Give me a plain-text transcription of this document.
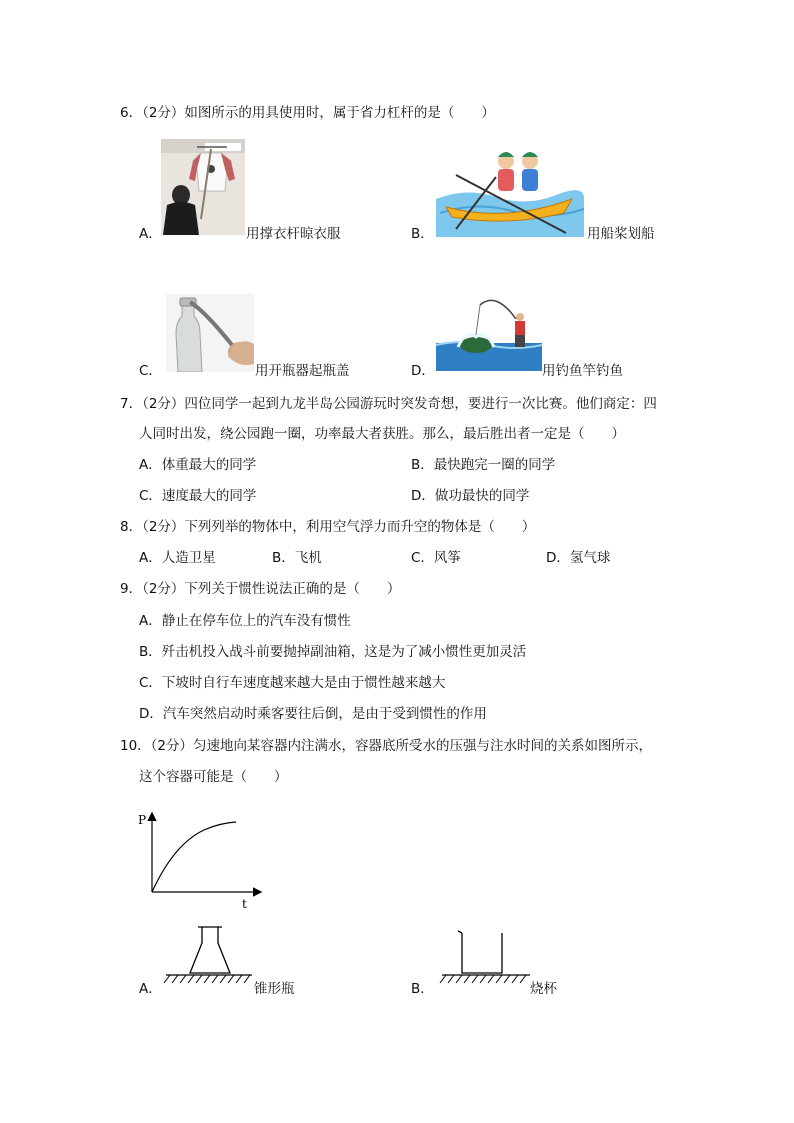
6．（2分）如图所示的用具使用时，属于省力杠杆的是（　　）
A．	用撑衣杆晾衣服	B．	用船桨划船
C．	用开瓶器起瓶盖	D．	用钓鱼竿钓鱼
7．（2分）四位同学一起到九龙半岛公园游玩时突发奇想，要进行一次比赛。他们商定：四
人同时出发，绕公园跑一圈，功率最大者获胜。那么，最后胜出者一定是（　　）
A．体重最大的同学	B．最快跑完一圈的同学
C．速度最大的同学	D．做功最快的同学
8．（2分）下列列举的物体中，利用空气浮力而升空的物体是（　　）
A．人造卫星	B．飞机	C．风筝	D．氢气球
9．（2分）下列关于惯性说法正确的是（　　）
A．静止在停车位上的汽车没有惯性
B．歼击机投入战斗前要抛掉副油箱，这是为了减小惯性更加灵活
C．下坡时自行车速度越来越大是由于惯性越来越大
D．汽车突然启动时乘客要往后倒，是由于受到惯性的作用
10．（2分）匀速地向某容器内注满水，容器底所受水的压强与注水时间的关系如图所示，
这个容器可能是（　　）
P
t
A．	锥形瓶	B．	烧杯
